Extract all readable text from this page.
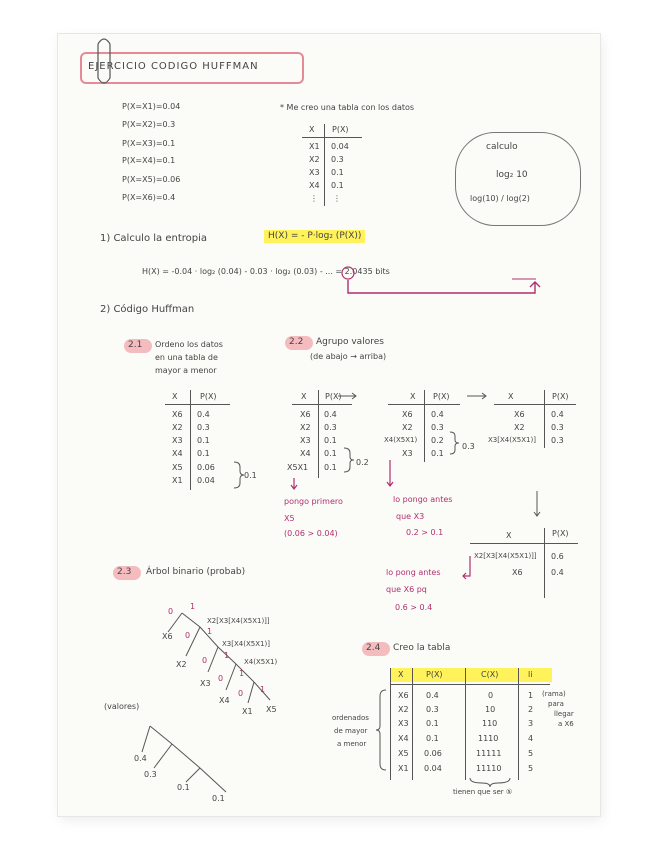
EJERCICIO CODIGO HUFFMAN
P(X=X1)=0.04
P(X=X2)=0.3
P(X=X3)=0.1
P(X=X4)=0.1
P(X=X5)=0.06
P(X=X6)=0.4
* Me creo una tabla con los datos
X P(X)
X1 0.04
X2 0.3
X3 0.1
X4 0.1
⋮ ⋮
calculo
log₂ 10
log(10) / log(2)
1) Calculo la entropia	H(X) = - P·log₂ (P(X))
H(X) = -0.04 · log₂ (0.04) - 0.03 · log₂ (0.03) - ... = 2.0435 bits
2) Código Huffman
2.1 Ordeno los datos
en una tabla de
mayor a menor
2.2 Agrupo valores
(de abajo → arriba)
X	P(X)
X6 0.4
X2 0.3
X3 0.1
X4 0.1
X5 0.06
X1 0.04
0.1
X P(X)
X6 0.4
X2 0.3
X3 0.1
X4 0.1
X5X1 0.1
0.2
X P(X)
X6 0.4
X2 0.3
X4(X5X1) 0.2
X3 0.1
0.3
X	P(X)
X6	0.4
X2	0.3
X3[X4(X5X1)] 0.3
X	P(X)
X2[X3[X4(X5X1)]] 0.6
X6	0.4
pongo primero
X5
(0.06 > 0.04)
lo pongo antes
que X3
0.2 > 0.1
lo pong antes
que X6 pq
0.6 > 0.4
2.3 Árbol binario (probab)
X2[X3[X4(X5X1)]]
X3[X4(X5X1)]
X4(X5X1)
X6
X2
X3
X4
X1 X5
0
1
0 1
0
1
0
1
0 1
(valores)
0.4
0.3
0.1
0.1
2.4 Creo la tabla
X	P(X)	C(X)	li
X6 0.4	0	1
X2 0.3	10	2
X3 0.1	110	3
X4 0.1	1110	4
X5 0.06	11111	5
X1 0.04	11110	5
ordenados
de mayor
a menor
(rama)
para
llegar
a X6
tienen que ser ⑤
